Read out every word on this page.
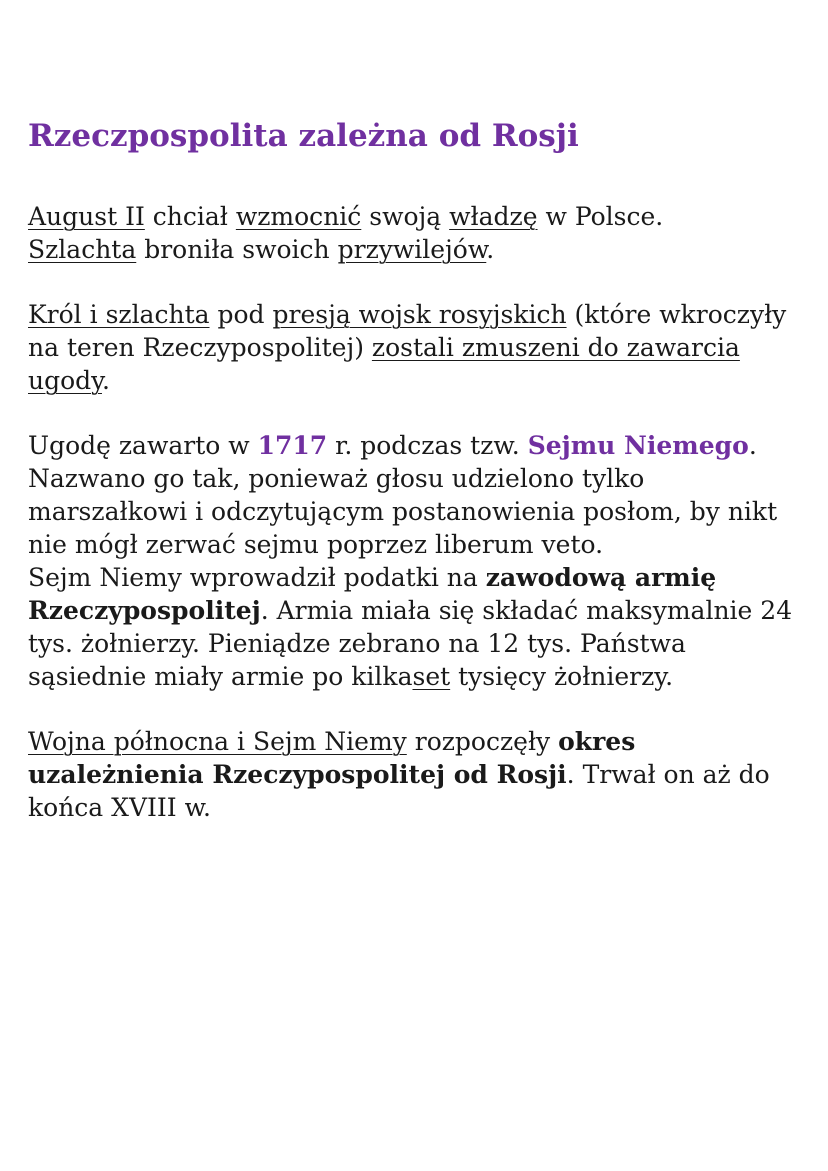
Rzeczpospolita zależna od Rosji

August II chciał wzmocnić swoją władzę w Polsce.
Szlachta broniła swoich przywilejów.

Król i szlachta pod presją wojsk rosyjskich (które wkroczyły na teren Rzeczypospolitej) zostali zmuszeni do zawarcia ugody.

Ugodę zawarto w 1717 r. podczas tzw. Sejmu Niemego.
Nazwano go tak, ponieważ głosu udzielono tylko marszałkowi i odczytującym postanowienia posłom, by nikt nie mógł zerwać sejmu poprzez liberum veto.
Sejm Niemy wprowadził podatki na zawodową armię Rzeczypospolitej. Armia miała się składać maksymalnie 24 tys. żołnierzy. Pieniądze zebrano na 12 tys. Państwa sąsiednie miały armie po kilkaset tysięcy żołnierzy.

Wojna północna i Sejm Niemy rozpoczęły okres uzależnienia Rzeczypospolitej od Rosji. Trwał on aż do końca XVIII w.
